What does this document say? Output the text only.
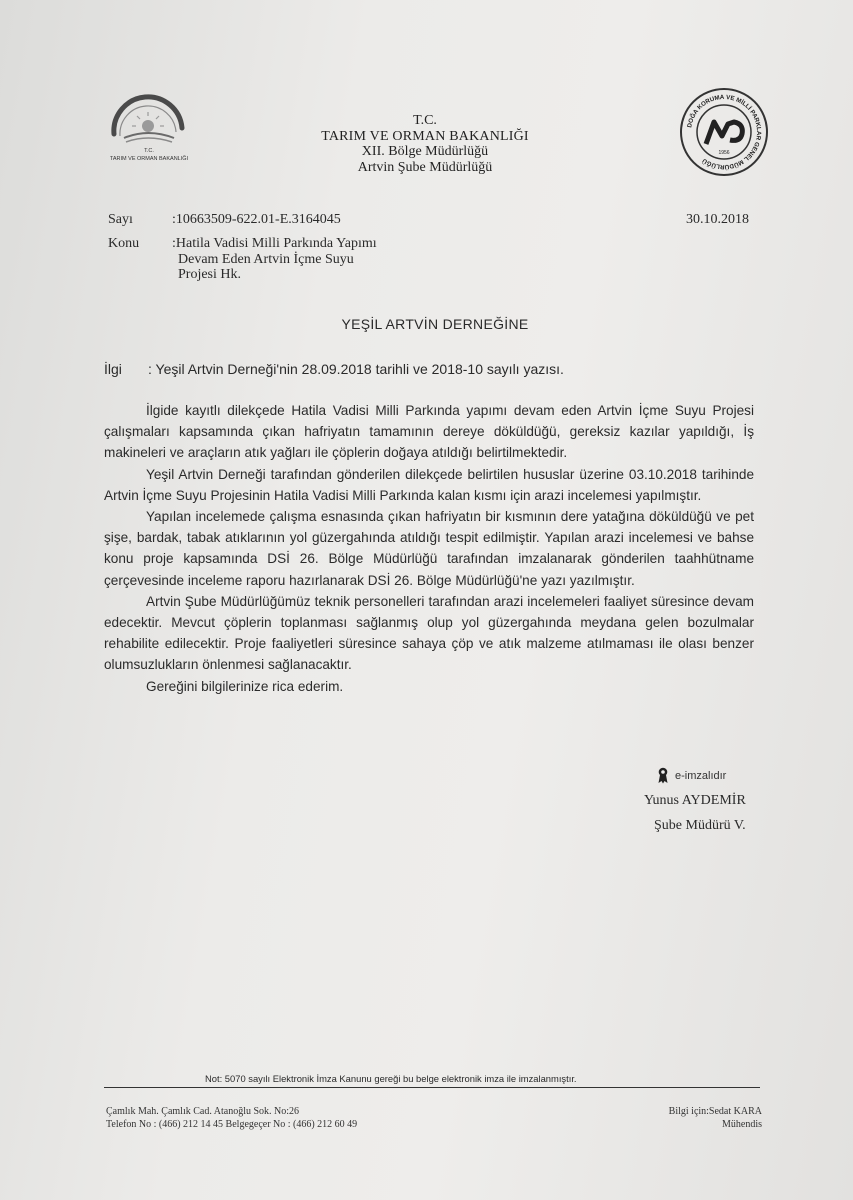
T.C.
TARIM VE ORMAN BAKANLIĞI
T.C.
TARIM VE ORMAN BAKANLIĞI
XII. Bölge Müdürlüğü
Artvin Şube Müdürlüğü
DOĞA KORUMA VE MİLLİ PARKLAR GENEL MÜDÜRLÜĞÜ
1956
Sayı	:10663509-622.01-E.3164045
Konu :Hatila Vadisi Milli Parkında Yapımı
Devam Eden Artvin İçme Suyu
Projesi Hk.
30.10.2018
YEŞİL ARTVİN DERNEĞİNE
İlgi : Yeşil Artvin Derneği'nin 28.09.2018 tarihli ve 2018-10 sayılı yazısı.

İlgide kayıtlı dilekçede Hatila Vadisi Milli Parkında yapımı devam eden Artvin İçme Suyu Projesi çalışmaları kapsamında çıkan hafriyatın tamamının dereye döküldüğü, gereksiz kazılar yapıldığı, İş makineleri ve araçların atık yağları ile çöplerin doğaya atıldığı belirtilmektedir.

Yeşil Artvin Derneği tarafından gönderilen dilekçede belirtilen hususlar üzerine 03.10.2018 tarihinde Artvin İçme Suyu Projesinin Hatila Vadisi Milli Parkında kalan kısmı için arazi incelemesi yapılmıştır.

Yapılan incelemede çalışma esnasında çıkan hafriyatın bir kısmının dere yatağına döküldüğü ve pet şişe, bardak, tabak atıklarının yol güzergahında atıldığı tespit edilmiştir. Yapılan arazi incelemesi ve bahse konu proje kapsamında DSİ 26. Bölge Müdürlüğü tarafından imzalanarak gönderilen taahhütname çerçevesinde inceleme raporu hazırlanarak DSİ 26. Bölge Müdürlüğü'ne yazı yazılmıştır.

Artvin Şube Müdürlüğümüz teknik personelleri tarafından arazi incelemeleri faaliyet süresince devam edecektir. Mevcut çöplerin toplanması sağlanmış olup yol güzergahında meydana gelen bozulmalar rehabilite edilecektir. Proje faaliyetleri süresince sahaya çöp ve atık malzeme atılmaması ile olası benzer olumsuzlukların önlenmesi sağlanacaktır.

Gereğini bilgilerinize rica ederim.

e-imzalıdır
Yunus AYDEMİR
Şube Müdürü V.
Not: 5070 sayılı Elektronik İmza Kanunu gereği bu belge elektronik imza ile imzalanmıştır.
Çamlık Mah. Çamlık Cad. Atanoğlu Sok. No:26
Telefon No : (466) 212 14 45 Belgegeçer No : (466) 212 60 49
Bilgi için:Sedat KARA
Mühendis
